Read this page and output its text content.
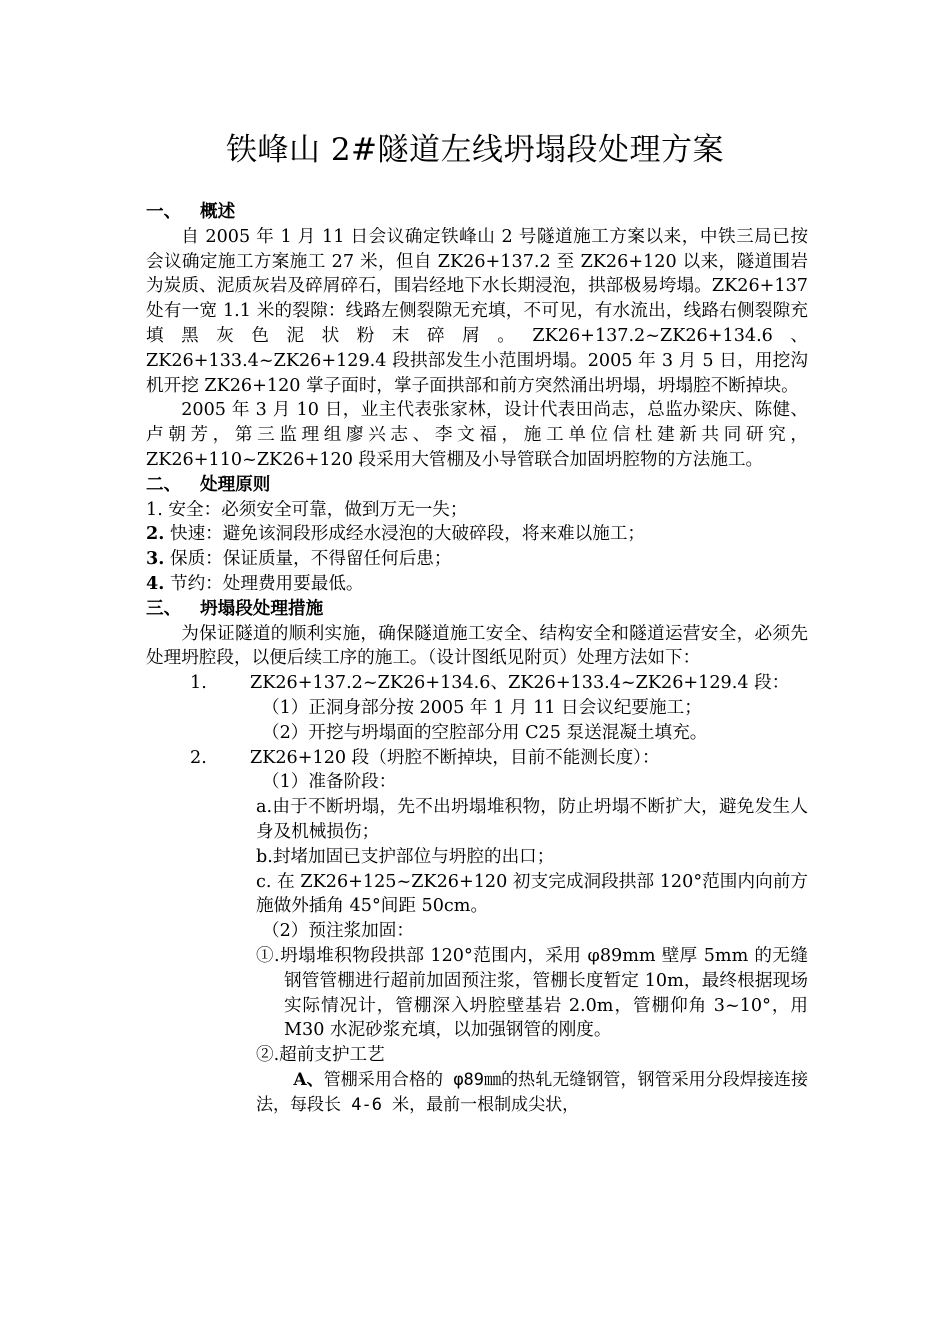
铁峰山 2#隧道左线坍塌段处理方案

一、 概述

自 2005 年 1 月 11 日会议确定铁峰山 2 号隧道施工方案以来，中铁三局已按会议确定施工方案施工 27 米，但自 ZK26+137.2 至 ZK26+120 以来，隧道围岩为炭质、泥质灰岩及碎屑碎石，围岩经地下水长期浸泡，拱部极易垮塌。ZK26+137 处有一宽 1.1 米的裂隙：线路左侧裂隙无充填，不可见，有水流出，线路右侧裂隙充填黑灰色泥状粉末碎屑。ZK26+137.2~ZK26+134.6、ZK26+133.4~ZK26+129.4 段拱部发生小范围坍塌。2005 年 3 月 5 日，用挖沟机开挖 ZK26+120 掌子面时，掌子面拱部和前方突然涌出坍塌，坍塌腔不断掉块。

2005 年 3 月 10 日，业主代表张家林，设计代表田尚志，总监办梁庆、陈健、卢朝芳，第三监理组廖兴志、李文福，施工单位信杜建新共同研究，ZK26+110~ZK26+120 段采用大管棚及小导管联合加固坍腔物的方法施工。

二、 处理原则

1. 安全：必须安全可靠，做到万无一失；

2. 快速：避免该洞段形成经水浸泡的大破碎段，将来难以施工；

3. 保质：保证质量，不得留任何后患；

4. 节约：处理费用要最低。

三、 坍塌段处理措施

为保证隧道的顺利实施，确保隧道施工安全、结构安全和隧道运营安全，必须先处理坍腔段，以便后续工序的施工。（设计图纸见附页）处理方法如下：

1. ZK26+137.2~ZK26+134.6、ZK26+133.4~ZK26+129.4 段：

（1）正洞身部分按 2005 年 1 月 11 日会议纪要施工；

（2）开挖与坍塌面的空腔部分用 C25 泵送混凝土填充。

2. ZK26+120 段（坍腔不断掉块，目前不能测长度）：

（1）准备阶段：

a.由于不断坍塌，先不出坍塌堆积物，防止坍塌不断扩大，避免发生人身及机械损伤；

b.封堵加固已支护部位与坍腔的出口；

c. 在 ZK26+125~ZK26+120 初支完成洞段拱部 120°范围内向前方施做外插角 45°间距 50cm。

（2）预注浆加固：

①.坍塌堆积物段拱部 120°范围内，采用 φ89mm 壁厚 5mm 的无缝钢管管棚进行超前加固预注浆，管棚长度暂定 10m，最终根据现场实际情况计，管棚深入坍腔壁基岩 2.0m，管棚仰角 3~10°，用 M30 水泥砂浆充填，以加强钢管的刚度。

②.超前支护工艺

A、管棚采用合格的 φ89㎜的热轧无缝钢管，钢管采用分段焊接连接法，每段长 4-6 米，最前一根制成尖状，
